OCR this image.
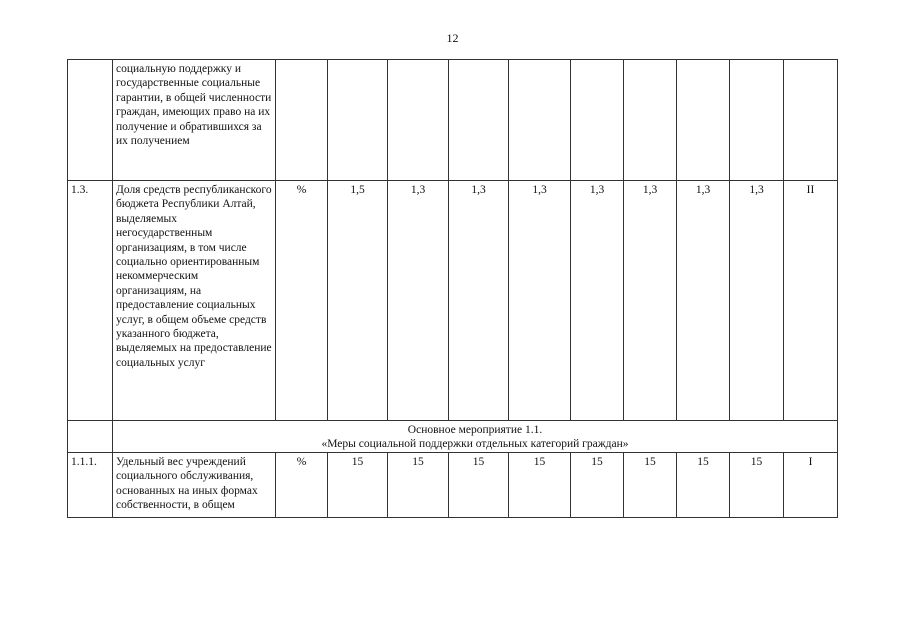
12
	социальную поддержку и государственные социальные гарантии, в общей численности граждан, имеющих право на их получение и обратившихся за их получением										
1.3.	Доля средств республиканского бюджета Республики Алтай, выделяемых негосударственным организациям, в том числе социально ориентированным некоммерческим организациям, на предоставление социальных услуг, в общем объеме средств указанного бюджета, выделяемых на предоставление социальных услуг	%	1,5	1,3	1,3	1,3	1,3	1,3	1,3	1,3	II

	Основное мероприятие 1.1.
«Меры социальной поддержки отдельных категорий граждан»										

1.1.1.	Удельный вес учреждений социального обслуживания, основанных на иных формах собственности, в общем	%	15	15	15	15	15	15	15	15	I
